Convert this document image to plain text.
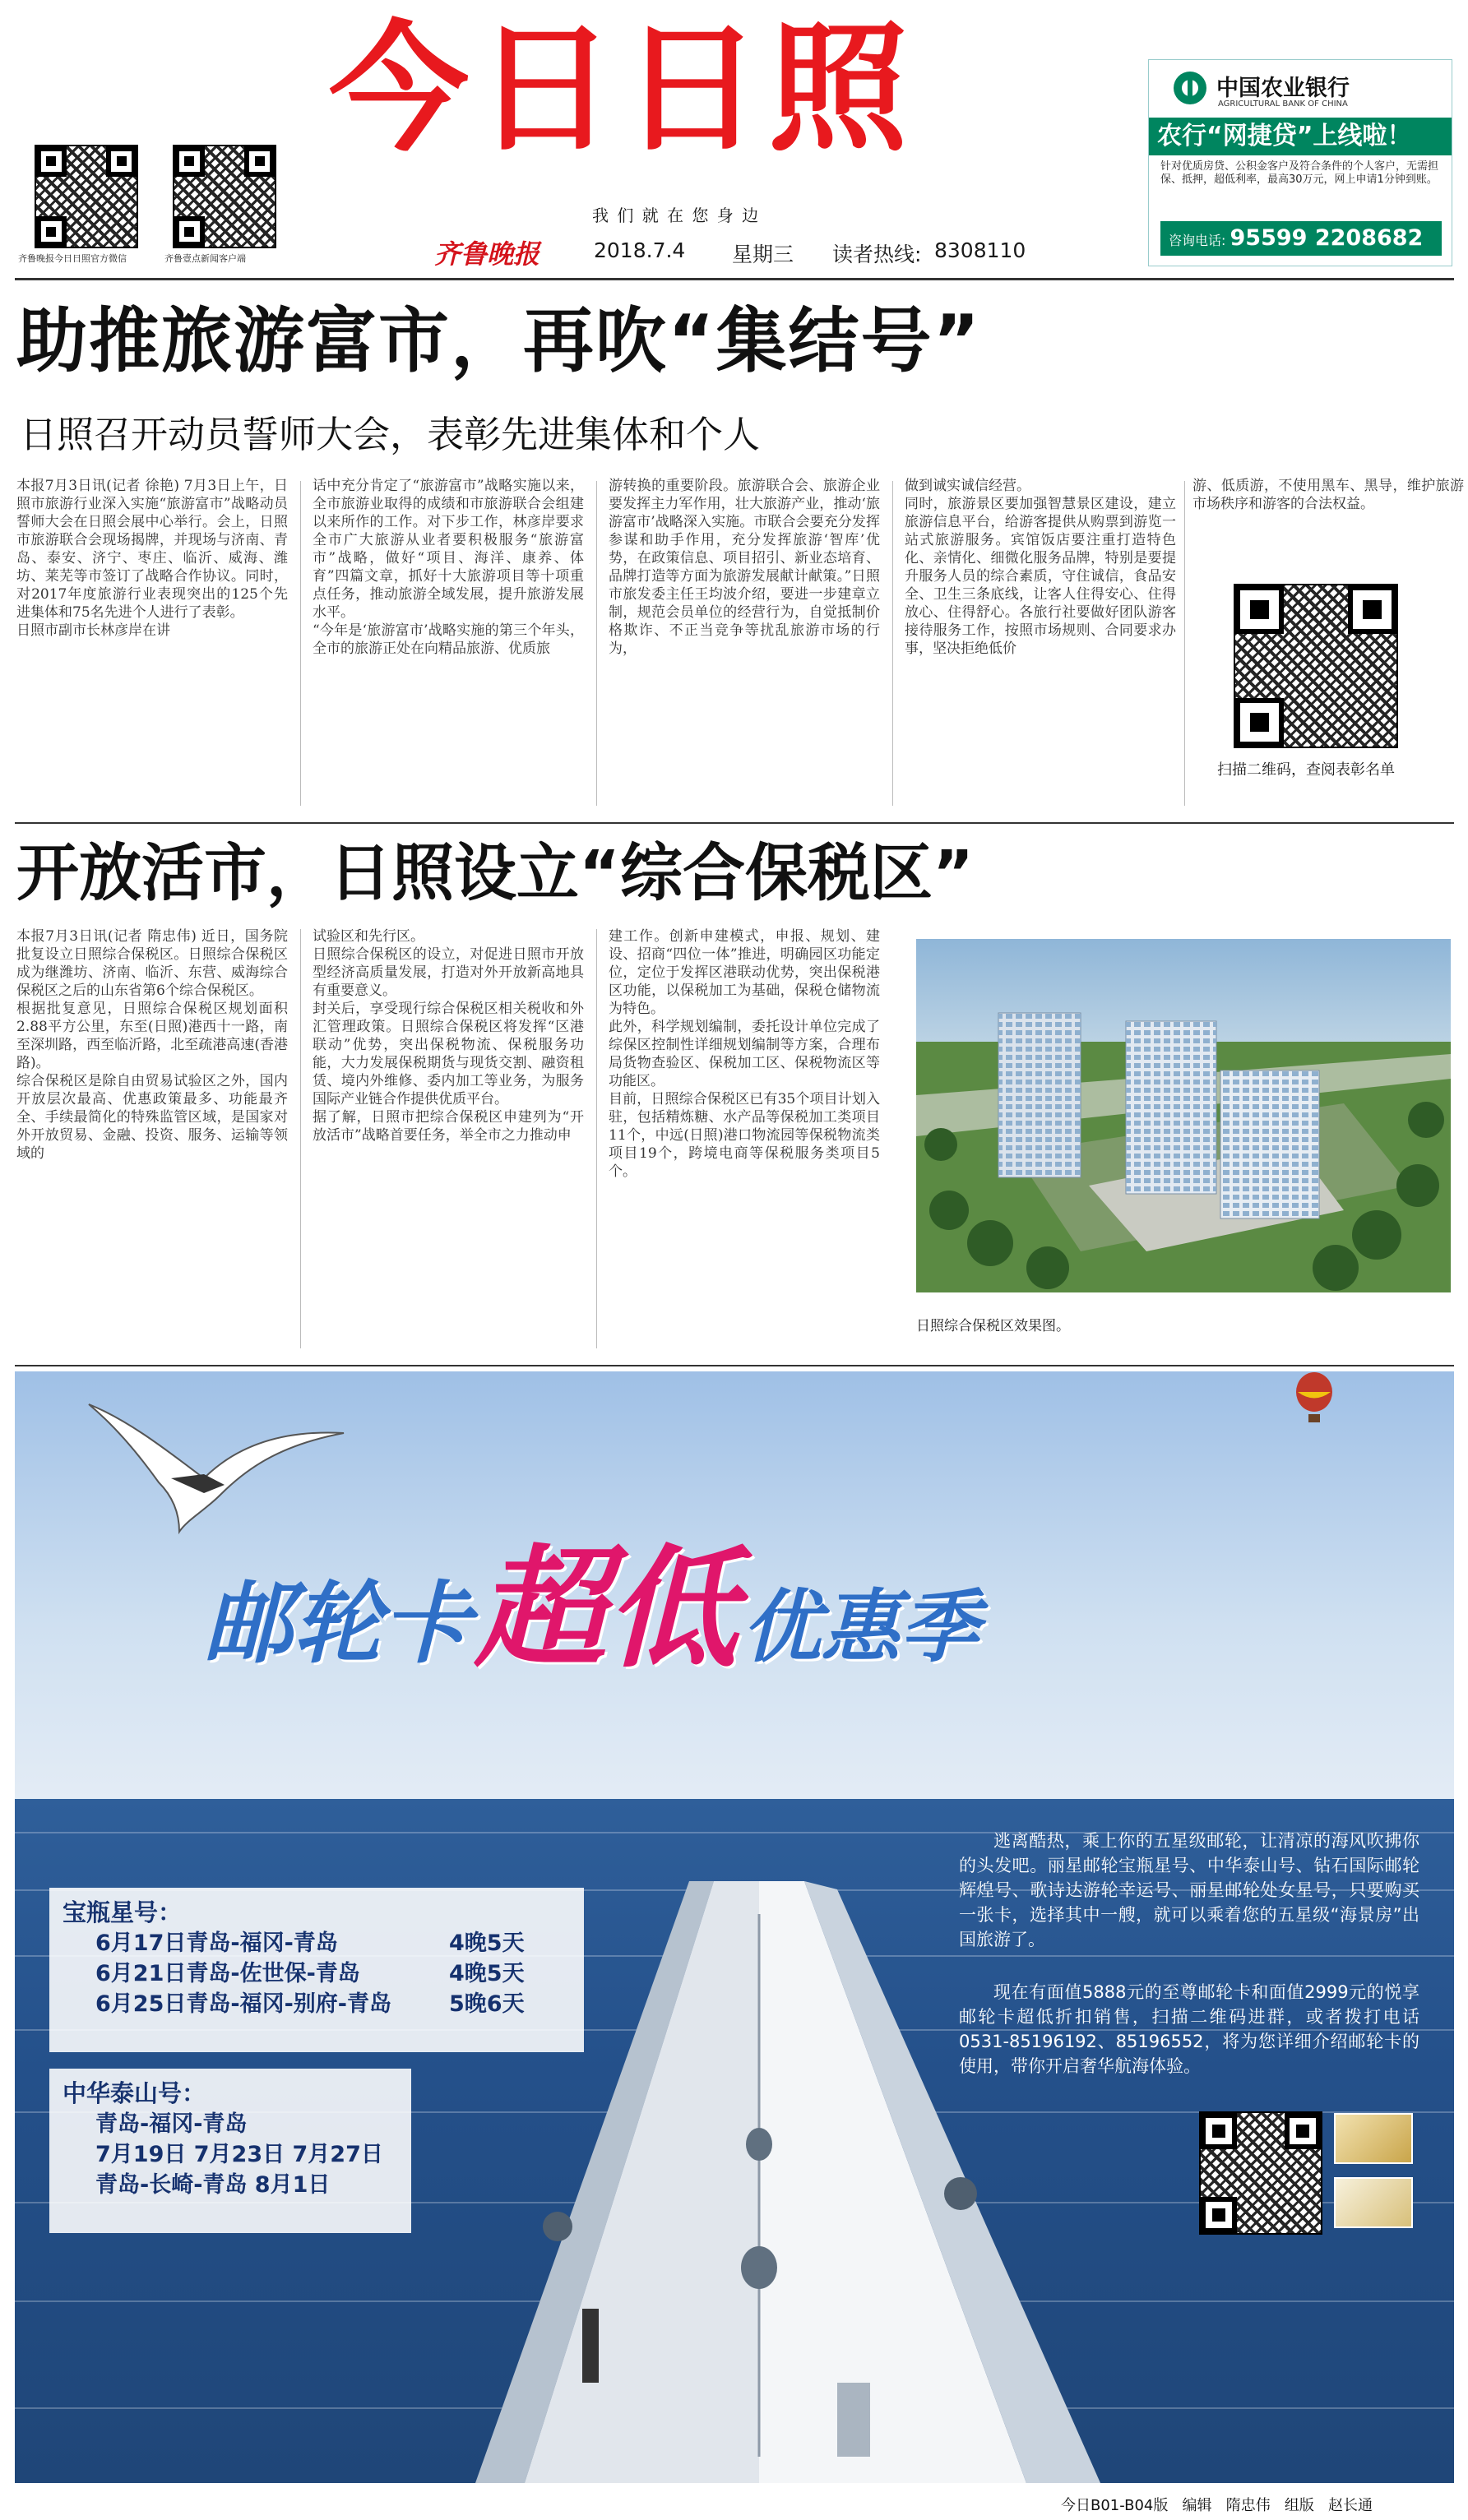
齐鲁晚报今日日照官方微信	齐鲁壹点新闻客户端
今日日照
我 们 就 在 您 身 边
齐鲁晚报	2018.7.4 星期三 读者热线: 8308110
中国农业银行
AGRICULTURAL BANK OF CHINA
农行“网捷贷”上线啦！
针对优质房贷、公积金客户及符合条件的个人客户，无需担保、抵押，超低利率，最高30万元，网上申请1分钟到账。
咨询电话: 95599 2208682
助推旅游富市，再吹“集结号”
日照召开动员誓师大会，表彰先进集体和个人
本报7月3日讯(记者 徐艳) 7月3日上午，日照市旅游行业深入实施“旅游富市”战略动员誓师大会在日照会展中心举行。会上，日照市旅游联合会现场揭牌，并现场与济南、青岛、泰安、济宁、枣庄、临沂、威海、潍坊、莱芜等市签订了战略合作协议。同时，对2017年度旅游行业表现突出的125个先进集体和75名先进个人进行了表彰。
日照市副市长林彦岸在讲
话中充分肯定了“旅游富市”战略实施以来，全市旅游业取得的成绩和市旅游联合会组建以来所作的工作。对下步工作，林彦岸要求全市广大旅游从业者要积极服务“旅游富市”战略，做好“项目、海洋、康养、体育”四篇文章，抓好十大旅游项目等十项重点任务，推动旅游全域发展，提升旅游发展水平。
“今年是‘旅游富市’战略实施的第三个年头，全市的旅游正处在向精品旅游、优质旅
游转换的重要阶段。旅游联合会、旅游企业要发挥主力军作用，壮大旅游产业，推动‘旅游富市’战略深入实施。市联合会要充分发挥参谋和助手作用，充分发挥旅游‘智库’优势，在政策信息、项目招引、新业态培育、品牌打造等方面为旅游发展献计献策。”日照市旅发委主任王均波介绍，要进一步建章立制，规范会员单位的经营行为，自觉抵制价格欺诈、不正当竞争等扰乱旅游市场的行为，
做到诚实诚信经营。
同时，旅游景区要加强智慧景区建设，建立旅游信息平台，给游客提供从购票到游览一站式旅游服务。宾馆饭店要注重打造特色化、亲情化、细微化服务品牌，特别是要提升服务人员的综合素质，守住诚信，食品安全、卫生三条底线，让客人住得安心、住得放心、住得舒心。各旅行社要做好团队游客接待服务工作，按照市场规则、合同要求办事，坚决拒绝低价
游、低质游，不使用黑车、黑导，维护旅游市场秩序和游客的合法权益。
扫描二维码，查阅表彰名单
开放活市，日照设立“综合保税区”
本报7月3日讯(记者 隋忠伟) 近日，国务院批复设立日照综合保税区。日照综合保税区成为继潍坊、济南、临沂、东营、威海综合保税区之后的山东省第6个综合保税区。
根据批复意见，日照综合保税区规划面积2.88平方公里，东至(日照)港西十一路，南至深圳路，西至临沂路，北至疏港高速(香港路)。
综合保税区是除自由贸易试验区之外，国内开放层次最高、优惠政策最多、功能最齐全、手续最简化的特殊监管区域，是国家对外开放贸易、金融、投资、服务、运输等领域的
试验区和先行区。
日照综合保税区的设立，对促进日照市开放型经济高质量发展，打造对外开放新高地具有重要意义。
封关后，享受现行综合保税区相关税收和外汇管理政策。日照综合保税区将发挥“区港联动”优势，突出保税物流、保税服务功能，大力发展保税期货与现货交割、融资租赁、境内外维修、委内加工等业务，为服务国际产业链合作提供优质平台。
据了解，日照市把综合保税区申建列为“开放活市”战略首要任务，举全市之力推动申
建工作。创新申建模式，申报、规划、建设、招商“四位一体”推进，明确园区功能定位，定位于发挥区港联动优势，突出保税港区功能，以保税加工为基础，保税仓储物流为特色。
此外，科学规划编制，委托设计单位完成了综保区控制性详细规划编制等方案，合理布局货物查验区、保税加工区、保税物流区等功能区。
目前，日照综合保税区已有35个项目计划入驻，包括精炼糖、水产品等保税加工类项目11个，中远(日照)港口物流园等保税物流类项目19个，跨境电商等保税服务类项目5个。
日照综合保税区效果图。
邮轮卡 超低 优惠季
宝瓶星号：
6月17日青岛-福冈-青岛	4晚5天
6月21日青岛-佐世保-青岛	4晚5天
6月25日青岛-福冈-别府-青岛	5晚6天
中华泰山号：
青岛-福冈-青岛
7月19日 7月23日 7月27日
青岛-长崎-青岛 8月1日
逃离酷热，乘上你的五星级邮轮，让清凉的海风吹拂你的头发吧。丽星邮轮宝瓶星号、中华泰山号、钻石国际邮轮辉煌号、歌诗达游轮幸运号、丽星邮轮处女星号，只要购买一张卡，选择其中一艘，就可以乘着您的五星级“海景房”出国旅游了。
现在有面值5888元的至尊邮轮卡和面值2999元的悦享邮轮卡超低折扣销售，扫描二维码进群，或者拨打电话0531-85196192、85196552，将为您详细介绍邮轮卡的使用，带你开启奢华航海体验。
今日B01-B04版 编辑 隋忠伟 组版 赵长通
